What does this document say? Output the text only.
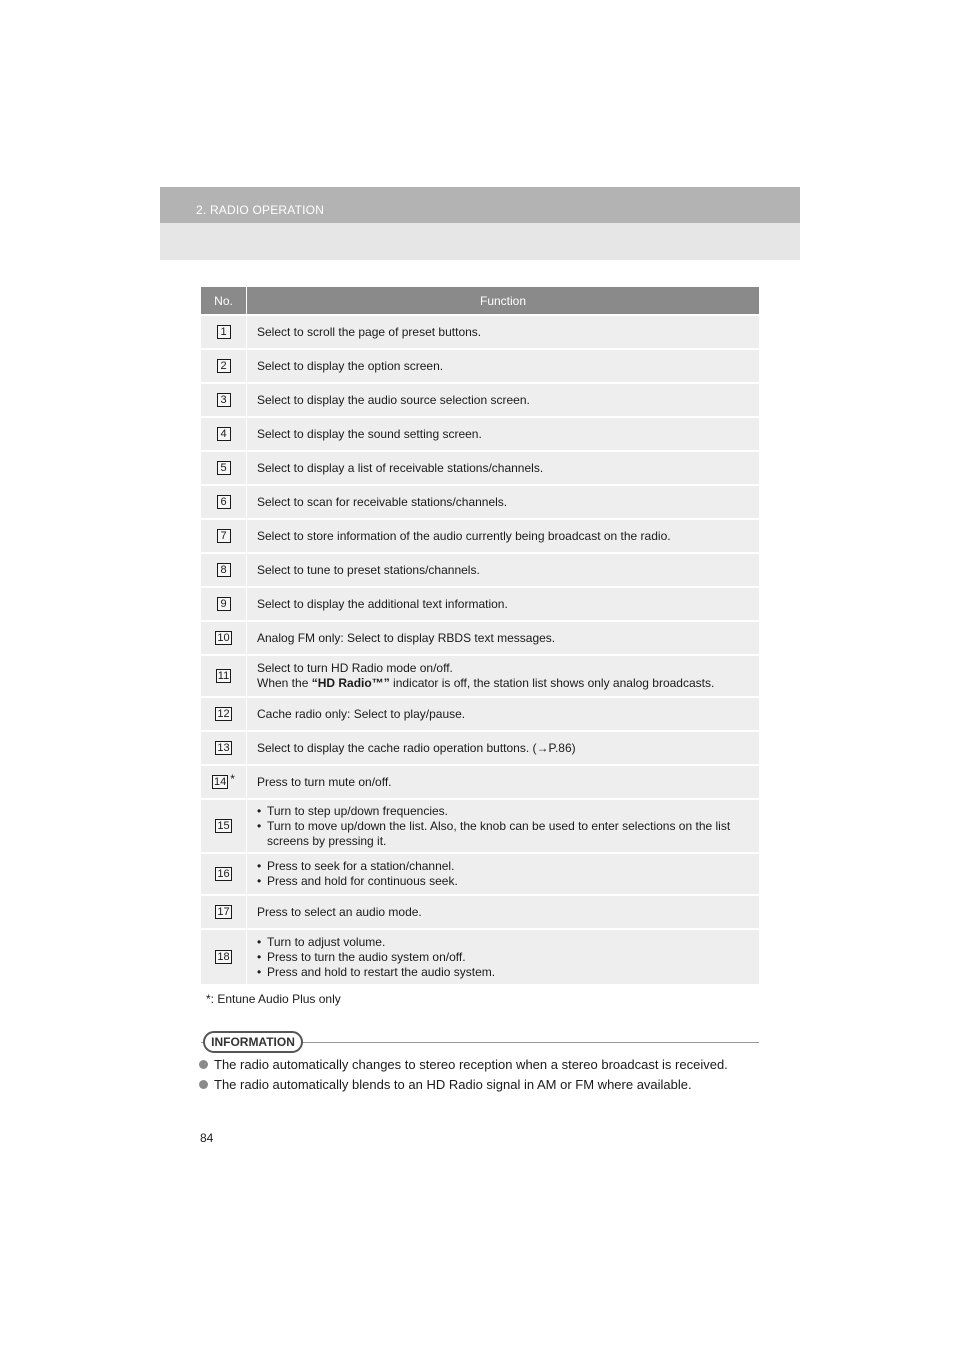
2. RADIO OPERATION
No.	Function
1	Select to scroll the page of preset buttons.
2	Select to display the option screen.
3	Select to display the audio source selection screen.
4	Select to display the sound setting screen.
5	Select to display a list of receivable stations/channels.
6	Select to scan for receivable stations/channels.
7	Select to store information of the audio currently being broadcast on the radio.
8	Select to tune to preset stations/channels.
9	Select to display the additional text information.
10 Analog FM only: Select to display RBDS text messages.
11
Select to turn HD Radio mode on/off.
When the “HD Radio™” indicator is off, the station list shows only analog broadcasts.
12 Cache radio only: Select to play/pause.
13 Select to display the cache radio operation buttons. (→P.86)
14 * Press to turn mute on/off.
15
• Turn to step up/down frequencies.
• Turn to move up/down the list. Also, the knob can be used to enter selections on the list screens by pressing it.
16
• Press to seek for a station/channel.
• Press and hold for continuous seek.
17 Press to select an audio mode.
18
• Turn to adjust volume.
• Press to turn the audio system on/off.
• Press and hold to restart the audio system.
*: Entune Audio Plus only
INFORMATION
The radio automatically changes to stereo reception when a stereo broadcast is received.
The radio automatically blends to an HD Radio signal in AM or FM where available.
84
